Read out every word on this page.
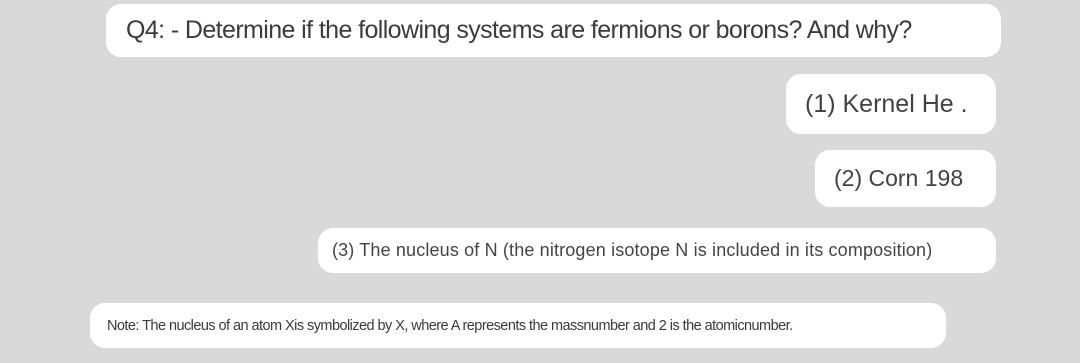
Q4: - Determine if the following systems are fermions or borons? And why?
(1) Kernel He .
(2) Corn 198
(3) The nucleus of N (the nitrogen isotope N is included in its composition)
Note: The nucleus of an atom Xis symbolized by X, where A represents the massnumber and 2 is the atomicnumber.
